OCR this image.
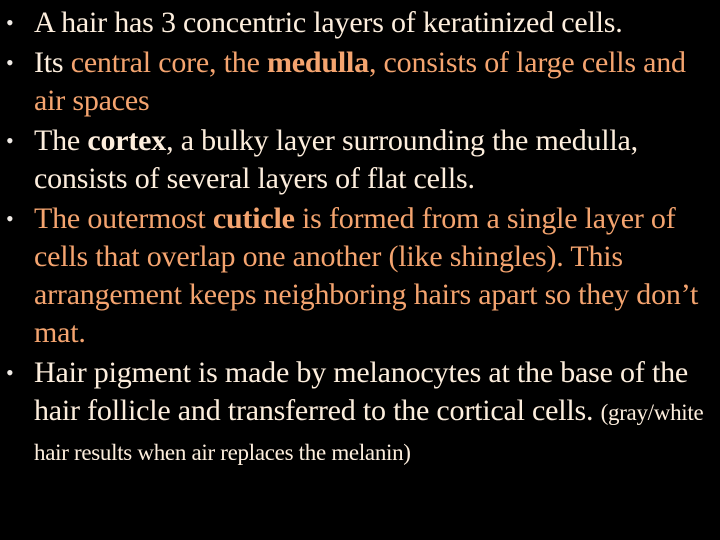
• A hair has 3 concentric layers of keratinized cells.
• Its central core, the medulla, consists of large cells and air spaces
• The cortex, a bulky layer surrounding the medulla, consists of several layers of flat cells.
• The outermost cuticle is formed from a single layer of cells that overlap one another (like shingles). This arrangement keeps neighboring hairs apart so they don’t mat.
• Hair pigment is made by melanocytes at the base of the hair follicle and transferred to the cortical cells. (gray/white hair results when air replaces the melanin)
